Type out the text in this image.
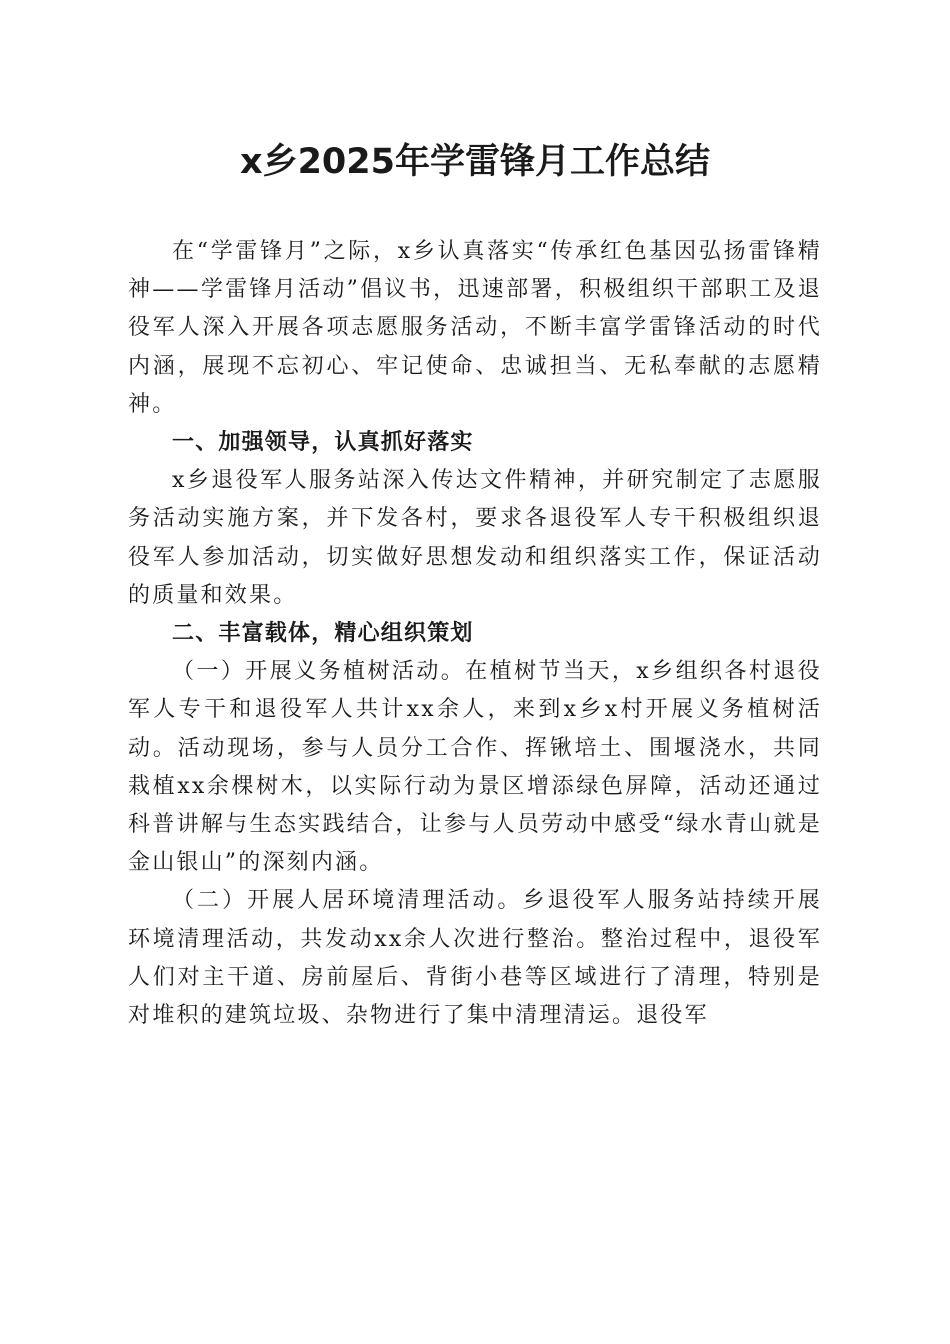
x乡2025年学雷锋月工作总结

在“学雷锋月”之际，x乡认真落实“传承红色基因弘扬雷锋精神——学雷锋月活动”倡议书，迅速部署，积极组织干部职工及退役军人深入开展各项志愿服务活动，不断丰富学雷锋活动的时代内涵，展现不忘初心、牢记使命、忠诚担当、无私奉献的志愿精神。

一、加强领导，认真抓好落实

x乡退役军人服务站深入传达文件精神，并研究制定了志愿服务活动实施方案，并下发各村，要求各退役军人专干积极组织退役军人参加活动，切实做好思想发动和组织落实工作，保证活动的质量和效果。

二、丰富载体，精心组织策划

（一）开展义务植树活动。在植树节当天，x乡组织各村退役军人专干和退役军人共计xx余人，来到x乡x村开展义务植树活动。活动现场，参与人员分工合作、挥锹培土、围堰浇水，共同栽植xx余棵树木，以实际行动为景区增添绿色屏障，活动还通过科普讲解与生态实践结合，让参与人员劳动中感受“绿水青山就是金山银山”的深刻内涵。

（二）开展人居环境清理活动。乡退役军人服务站持续开展环境清理活动，共发动xx余人次进行整治。整治过程中，退役军人们对主干道、房前屋后、背街小巷等区域进行了清理，特别是对堆积的建筑垃圾、杂物进行了集中清理清运。退役军
